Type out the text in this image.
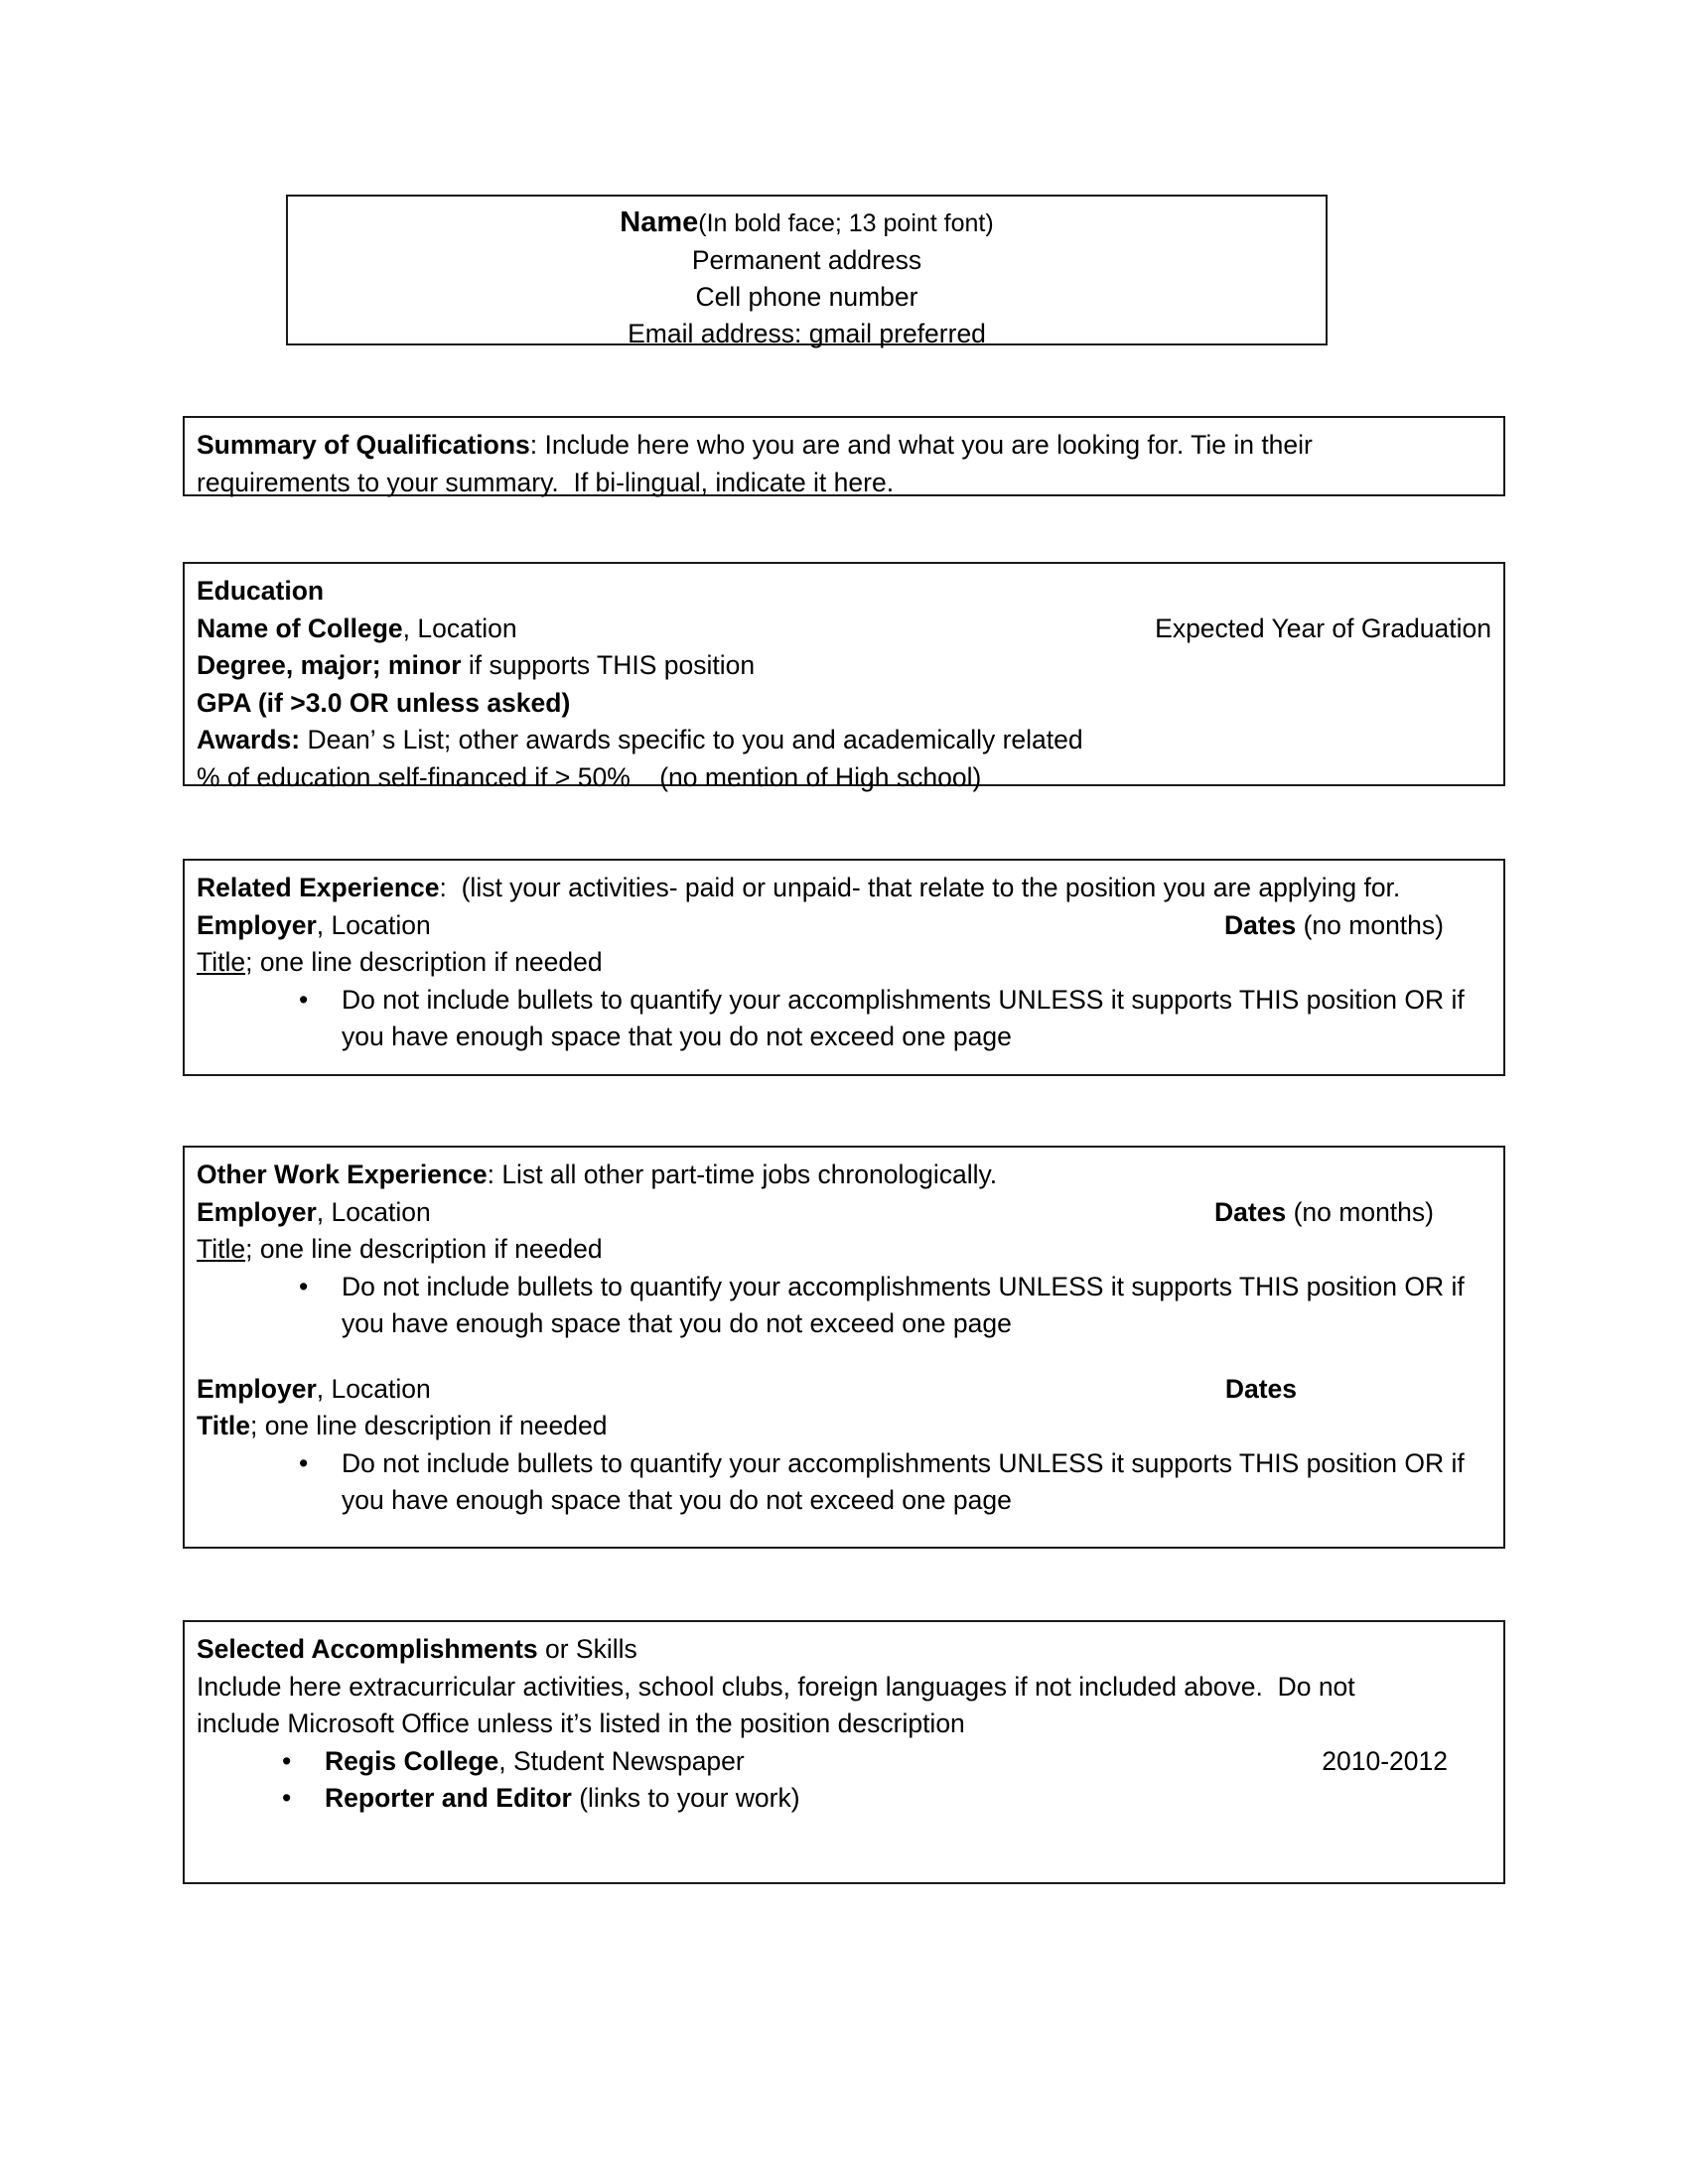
Name(In bold face; 13 point font)
Permanent address
Cell phone number
Email address: gmail preferred
Summary of Qualifications: Include here who you are and what you are looking for. Tie in their
requirements to your summary.  If bi-lingual, indicate it here.
Education
Name of College, Location	Expected Year of Graduation
Degree, major; minor if supports THIS position
GPA (if >3.0 OR unless asked)
Awards: Dean’ s List; other awards specific to you and academically related
% of education self-financed if > 50%    (no mention of High school)
Related Experience:  (list your activities- paid or unpaid- that relate to the position you are applying for.
Employer, Location	Dates (no months)
Title; one line description if needed
• Do not include bullets to quantify your accomplishments UNLESS it supports THIS position OR if
you have enough space that you do not exceed one page
Other Work Experience: List all other part-time jobs chronologically.
Employer, Location	Dates (no months)
Title; one line description if needed
• Do not include bullets to quantify your accomplishments UNLESS it supports THIS position OR if
you have enough space that you do not exceed one page
Employer, Location	Dates
Title; one line description if needed
• Do not include bullets to quantify your accomplishments UNLESS it supports THIS position OR if
you have enough space that you do not exceed one page
Selected Accomplishments or Skills
Include here extracurricular activities, school clubs, foreign languages if not included above.  Do not
include Microsoft Office unless it’s listed in the position description
• Regis College, Student Newspaper	2010-2012
• Reporter and Editor (links to your work)
